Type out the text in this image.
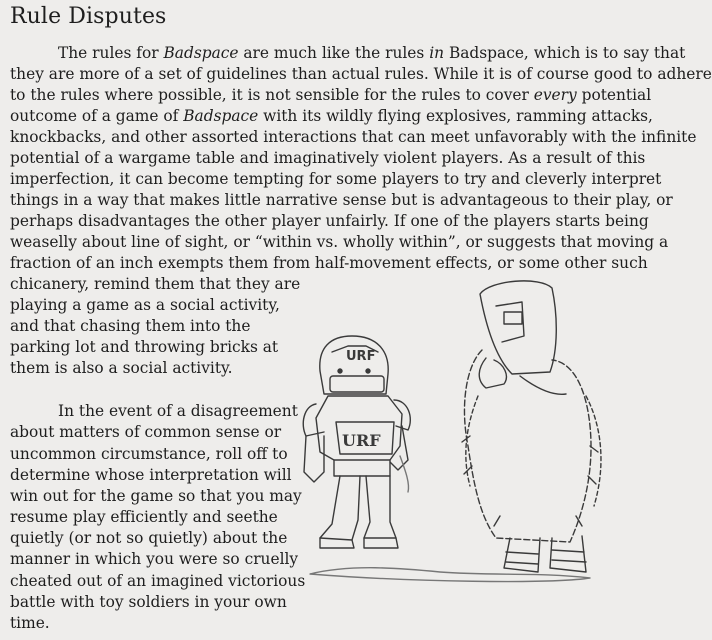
Rule Disputes
The rules for Badspace are much like the rules in Badspace, which is to say that
they are more of a set of guidelines than actual rules. While it is of course good to adhere
to the rules where possible, it is not sensible for the rules to cover every potential
outcome of a game of Badspace with its wildly flying explosives, ramming attacks,
knockbacks, and other assorted interactions that can meet unfavorably with the infinite
potential of a wargame table and imaginatively violent players. As a result of this
imperfection, it can become tempting for some players to try and cleverly interpret
things in a way that makes little narrative sense but is advantageous to their play, or
perhaps disadvantages the other player unfairly. If one of the players starts being
weaselly about line of sight, or “within vs. wholly within”, or suggests that moving a
fraction of an inch exempts them from half-movement effects, or some other such
chicanery, remind them that they are
playing a game as a social activity,
and that chasing them into the
parking lot and throwing bricks at
them is also a social activity.
In the event of a disagreement
about matters of common sense or
uncommon circumstance, roll off to
determine whose interpretation will
win out for the game so that you may
resume play efficiently and seethe
quietly (or not so quietly) about the
manner in which you were so cruelly
cheated out of an imagined victorious
battle with toy soldiers in your own
time.
URF
URF
